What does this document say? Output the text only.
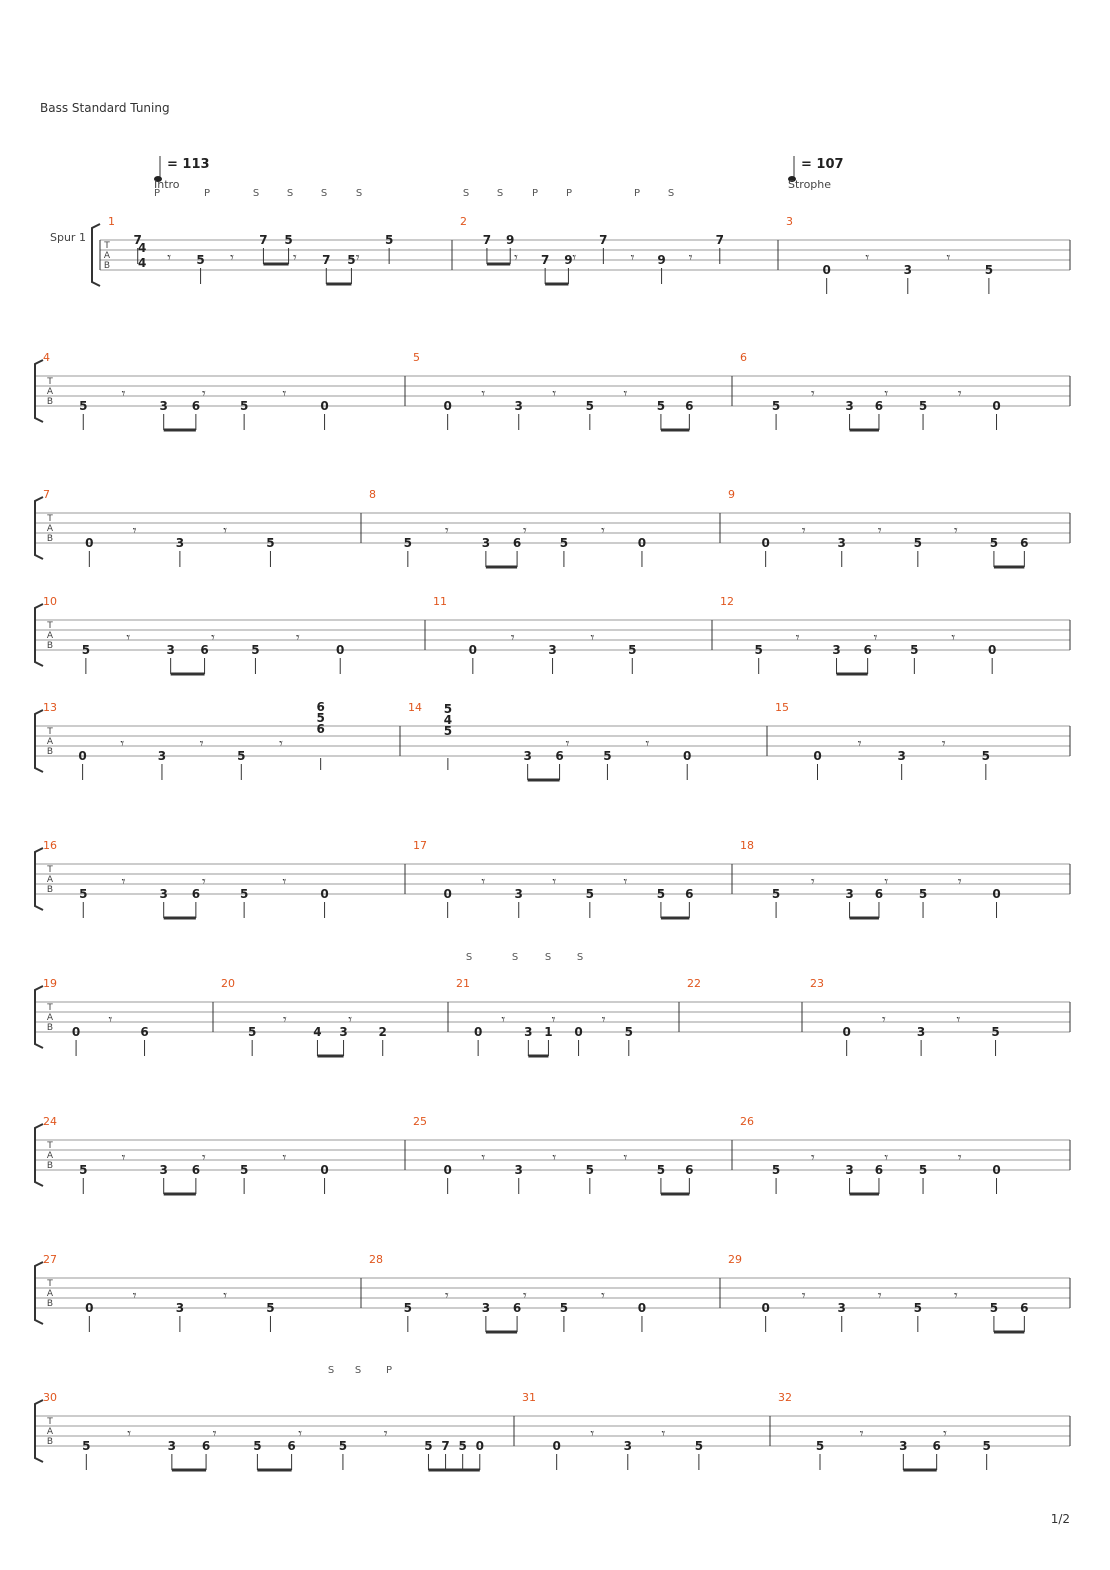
Bass Standard Tuning
1/2
P	P	S	S	S	S	S	S	P	P	P	S
S	S	S	S
S S P
= 113
Intro
= 107
Strophe
Spur 1
T
A
B
4
4
1
7
𝄾 5 𝄾
7 5
𝄾 7 5 𝄾
5
2
7 9
𝄾 7 9 𝄾
7
𝄾 9 𝄾
7
3
0
𝄾
3
𝄾
5
T
A
B
4
5
𝄾
3 6
𝄾
5
𝄾
0
5
0
𝄾
3
𝄾
5
𝄾
5 6
6
5
𝄾
3 6
𝄾
5
𝄾
0
T
A
B
7
0
𝄾
3
𝄾
5
8
5
𝄾
3 6
𝄾
5
𝄾
0
9
0
𝄾
3
𝄾
5
𝄾
5 6
T
A
B
10
5
𝄾
3 6
𝄾
5
𝄾
0
11
0
𝄾
3
𝄾
5
12
5
𝄾
3 6
𝄾
5
𝄾
0
T
A
B
13
0
𝄾
3
𝄾
5
𝄾
6
5
6
14 5
4
5
3 6
𝄾
5
𝄾
0
15
0
𝄾
3
𝄾
5
T
A
B
16
5
𝄾
3 6
𝄾
5
𝄾
0
17
0
𝄾
3
𝄾
5
𝄾
5 6
18
5
𝄾
3 6
𝄾
5
𝄾
0
T
A
B
19
0
𝄾
6
20
5
𝄾
4 3
𝄾
2
21
0
𝄾
3 1
𝄾
0
𝄾
5
22	23
0
𝄾
3
𝄾
5
T
A
B
24
5
𝄾
3 6
𝄾
5
𝄾
0
25
0
𝄾
3
𝄾
5
𝄾
5 6
26
5
𝄾
3 6
𝄾
5
𝄾
0
T
A
B
27
0
𝄾
3
𝄾
5
28
5
𝄾
3 6
𝄾
5
𝄾
0
29
0
𝄾
3
𝄾
5
𝄾
5 6
T
A
B
30
5
𝄾
3 6
𝄾
5 6
𝄾
5
𝄾
5 7 5 0
31
0
𝄾
3
𝄾
5
32
5
𝄾
3 6
𝄾
5
